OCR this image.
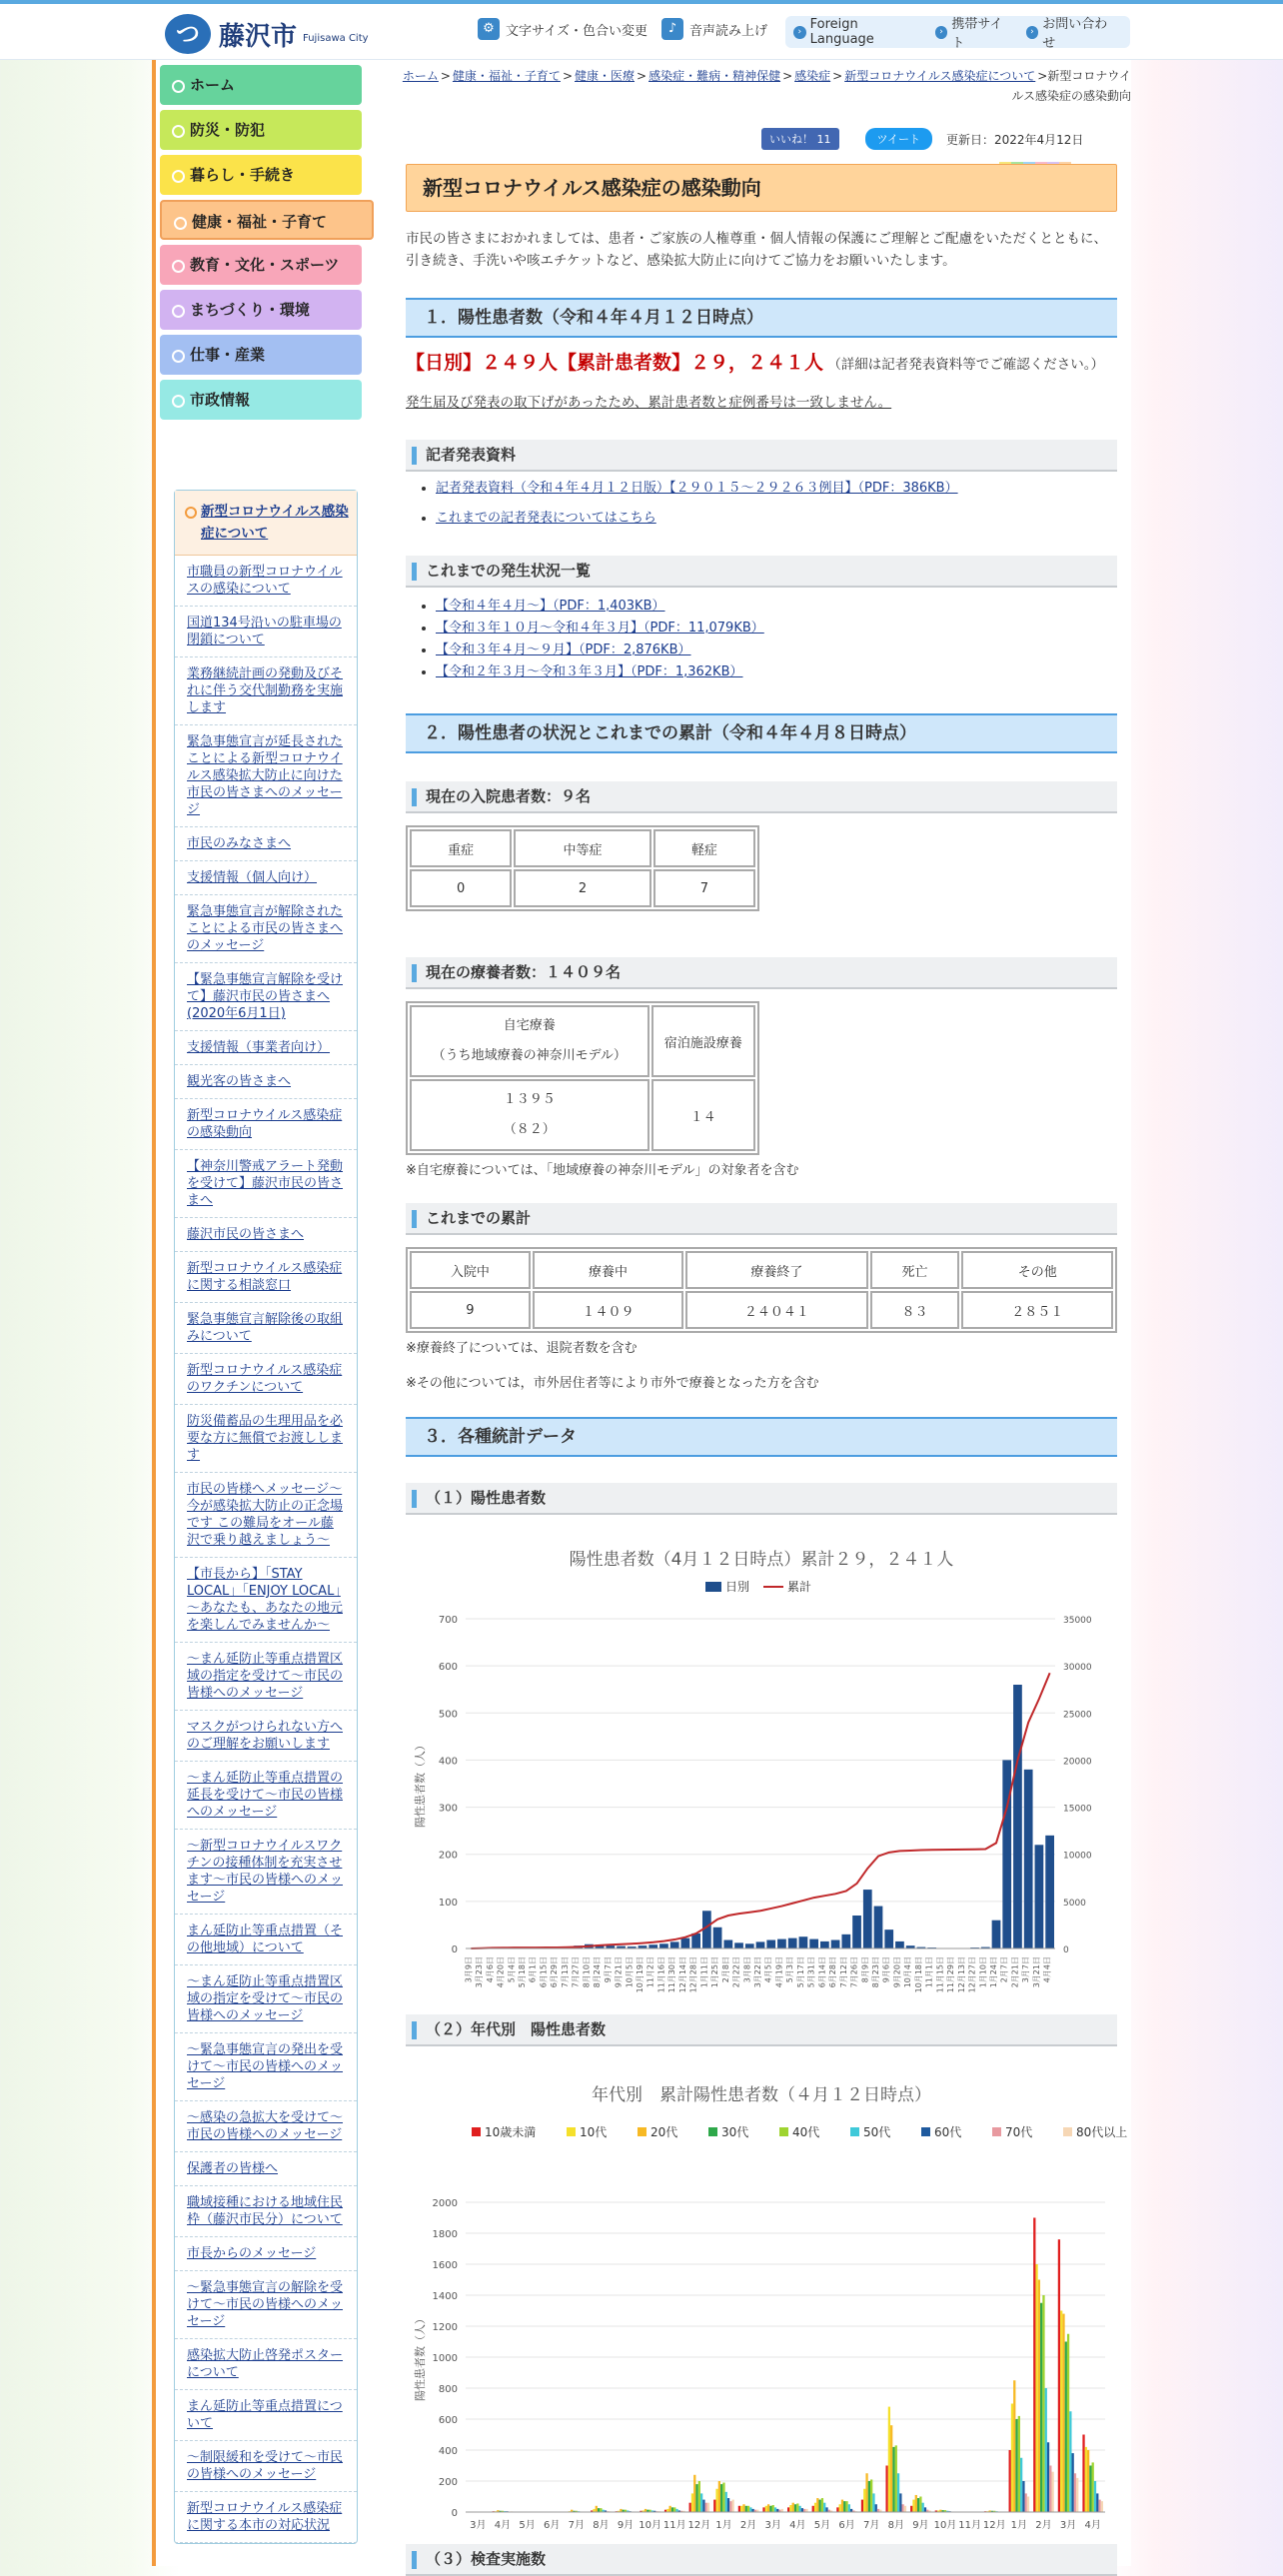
つ 藤沢市 Fujisawa City
⚙ 文字サイズ・色合い変更	♪ 音声読み上げ	› Foreign Language
› 携帯サイト
› お問い合わせ
ホーム
防災・防犯
暮らし・手続き
健康・福祉・子育て
教育・文化・スポーツ
まちづくり・環境
仕事・産業
市政情報
新型コロナウイルス感染症について
市職員の新型コロナウイルスの感染について
国道134号沿いの駐車場の閉鎖について
業務継続計画の発動及びそれに伴う交代制勤務を実施します
緊急事態宣言が延長されたことによる新型コロナウイルス感染拡大防止に向けた市民の皆さまへのメッセージ
市民のみなさまへ
支援情報（個人向け）
緊急事態宣言が解除されたことによる市民の皆さまへのメッセージ
【緊急事態宣言解除を受けて】藤沢市民の皆さまへ(2020年6月1日)
支援情報（事業者向け）
観光客の皆さまへ
新型コロナウイルス感染症の感染動向
【神奈川警戒アラート発動を受けて】藤沢市民の皆さまへ
藤沢市民の皆さまへ
新型コロナウイルス感染症に関する相談窓口
緊急事態宣言解除後の取組みについて
新型コロナウイルス感染症のワクチンについて
防災備蓄品の生理用品を必要な方に無償でお渡しします
市民の皆様へメッセージ～今が感染拡大防止の正念場です この難局をオール藤沢で乗り越えましょう～
【市長から】「STAY LOCAL」「ENJOY LOCAL」～あなたも、あなたの地元を楽しんでみませんか～
～まん延防止等重点措置区域の指定を受けて～市民の皆様へのメッセージ
マスクがつけられない方へのご理解をお願いします
～まん延防止等重点措置の延長を受けて～市民の皆様へのメッセージ
～新型コロナウイルスワクチンの接種体制を充実させます～市民の皆様へのメッセージ
まん延防止等重点措置（その他地域）について
～まん延防止等重点措置区域の指定を受けて～市民の皆様へのメッセージ
～緊急事態宣言の発出を受けて～市民の皆様へのメッセージ
～感染の急拡大を受けて～市民の皆様へのメッセージ
保護者の皆様へ
職域接種における地域住民枠（藤沢市民分）について
市長からのメッセージ
～緊急事態宣言の解除を受けて～市民の皆様へのメッセージ
感染拡大防止啓発ポスターについて
まん延防止等重点措置について
～制限緩和を受けて～市民の皆様へのメッセージ
新型コロナウイルス感染症に関する本市の対応状況
ホーム > 健康・福祉・子育て > 健康・医療 > 感染症・難病・精神保健 > 感染症 > 新型コロナウイルス感染症について >新型コロナウイルス感染症の感染動向
いいね！ 11	ツイート	更新日：2022年4月12日
新型コロナウイルス感染症の感染動向
市民の皆さまにおかれましては、患者・ご家族の人権尊重・個人情報の保護にご理解とご配慮をいただくとともに、引き続き、手洗いや咳エチケットなど、感染拡大防止に向けてご協力をお願いいたします。
１．陽性患者数（令和４年４月１２日時点）
【日別】２４９人【累計患者数】２９，２４１人 （詳細は記者発表資料等でご確認ください。）
発生届及び発表の取下げがあったため、累計患者数と症例番号は一致しません。
記者発表資料
• 記者発表資料（令和４年４月１２日版）【２９０１５～２９２６３例目】（PDF：386KB）
• これまでの記者発表についてはこちら
これまでの発生状況一覧
• 【令和４年４月～】（PDF：1,403KB）
• 【令和３年１０月～令和４年３月】（PDF：11,079KB）
• 【令和３年４月～９月】（PDF：2,876KB）
• 【令和２年３月～令和３年３月】（PDF：1,362KB）
２．陽性患者の状況とこれまでの累計（令和４年４月８日時点）
現在の入院患者数：９名
重症	中等症	軽症
0	2	7
現在の療養者数：１４０９名
自宅療養
（うち地域療養の神奈川モデル）	宿泊施設療養
１３９５
（８２）	１４
※自宅療養については、「地域療養の神奈川モデル」の対象者を含む
これまでの累計
入院中	療養中	療養終了	死亡	その他
9	１４０９	２４０４１	８３	２８５１
※療養終了については、退院者数を含む
※その他については，市外居住者等により市外で療養となった方を含む
３．各種統計データ
（１）陽性患者数
陽性患者数（4月１２日時点）累計２９，２４１人
日別	累計
0
100
200
300
400
500
600
700
0
5000
10000
15000
20000
25000
30000
35000
陽性患者数（人）
3月9日 3月23日 4月6日 4月20日 5月4日 5月18日 6月1日 6月15日 6月29日 7月13日 7月27日 8月10日 8月24日 9月7日 9月21日 10月5日 10月19日 11月2日 11月16日 11月30日 12月14日 12月28日 1月11日 1月25日 2月8日 2月22日 3月8日 3月22日 4月5日 4月19日 5月3日 5月17日 5月31日 6月14日 6月28日 7月12日 7月26日 8月9日 8月23日 9月6日 9月20日 10月4日 10月18日 11月1日 11月15日 11月29日 12月13日 12月27日 1月10日 1月24日 2月7日 2月21日 3月7日 3月21日 4月4日
（２）年代別　陽性患者数
年代別　累計陽性患者数（４月１２日時点）
10歳未満	10代	20代	30代	40代	50代	60代	70代	80代以上
0
200
400
600
800
1000
1200
1400
1600
1800
2000
陽性患者数（人）
3月 4月 5月 6月 7月 8月 9月 10月 11月 12月 1月 2月 3月 4月 5月 6月 7月 8月 9月 10月 11月 12月 1月 2月 3月 4月
（３）検査実施数
